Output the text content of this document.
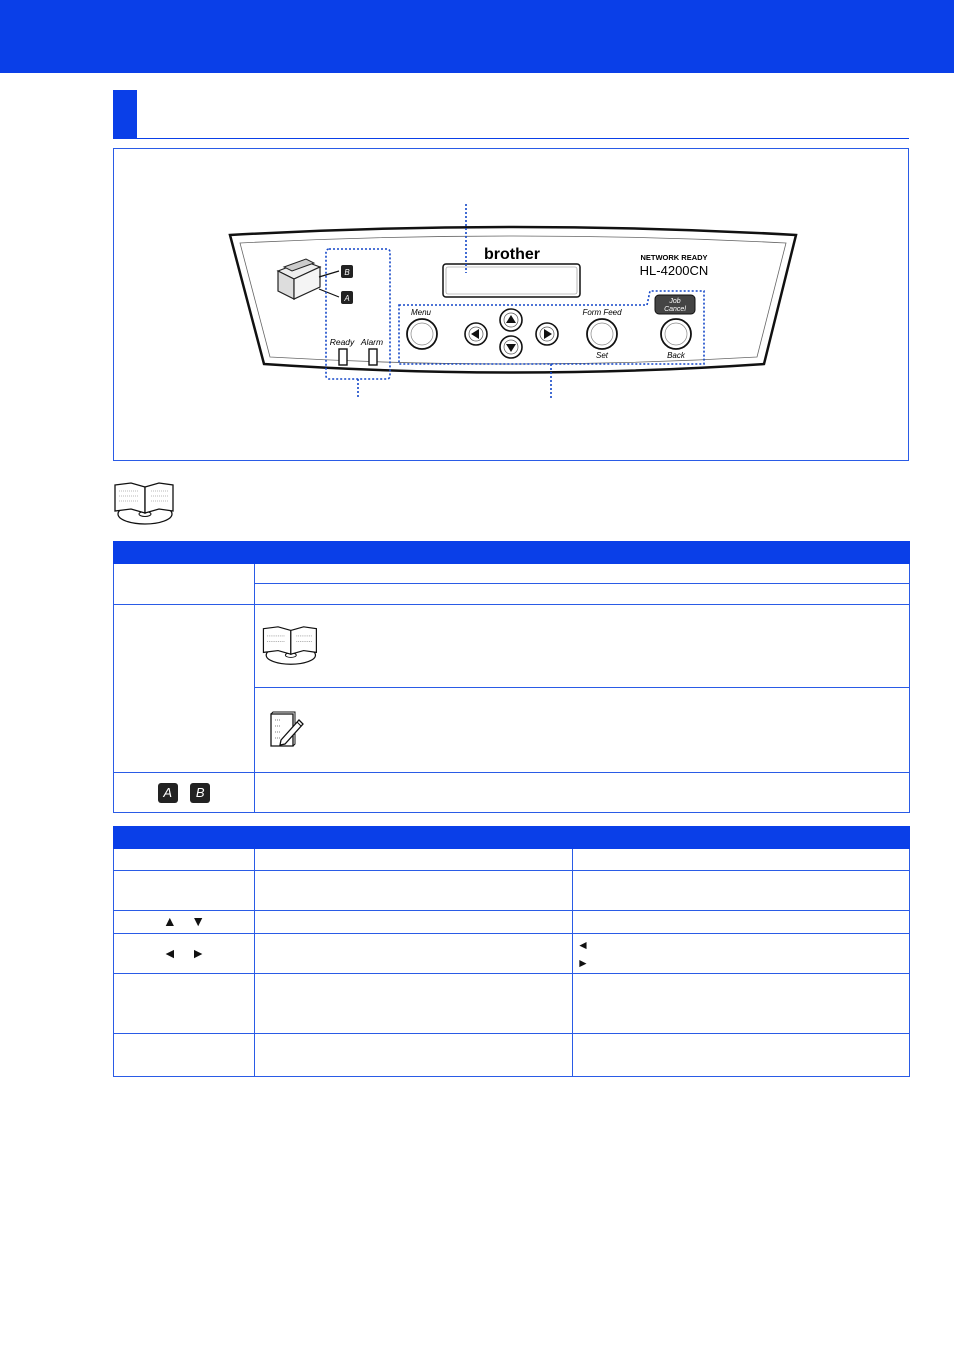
B
A
Ready Alarm
brother	NETWORK READY
HL-4200CN
Menu	Form Feed
Set
Job
Cancel
Back

A B	

▲ ▼		
◄ ►		◄
►
